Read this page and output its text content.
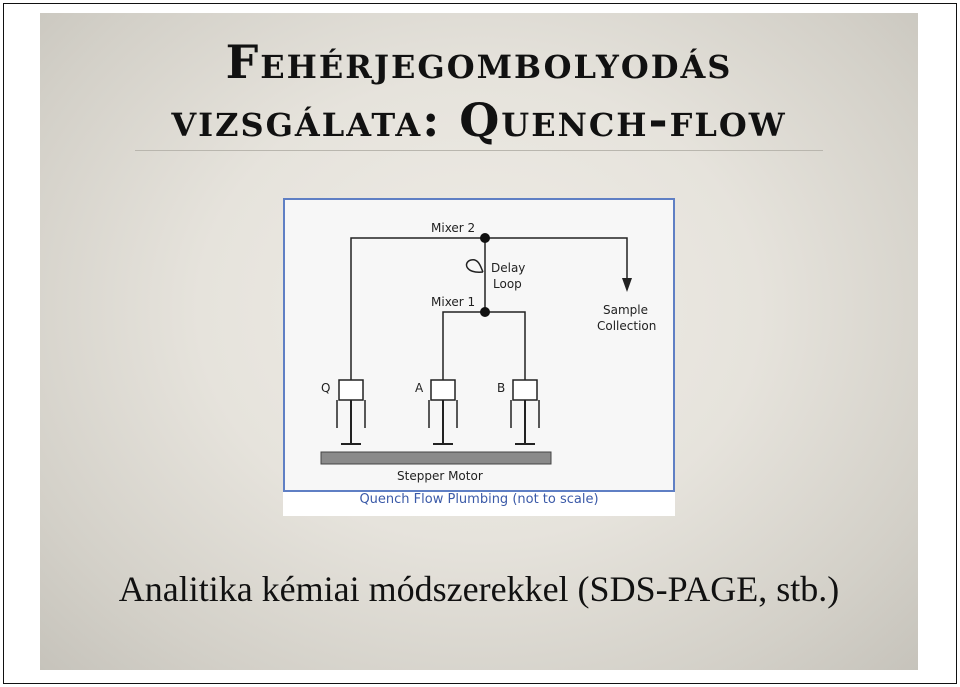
Fehérjegombolyodás
vizsgálata: Quench-flow
Mixer 2
Mixer 1
Delay
Loop
Sample
Collection
Q	A	B
Stepper Motor
Quench Flow Plumbing (not to scale)
Analitika kémiai módszerekkel (SDS-PAGE, stb.)
